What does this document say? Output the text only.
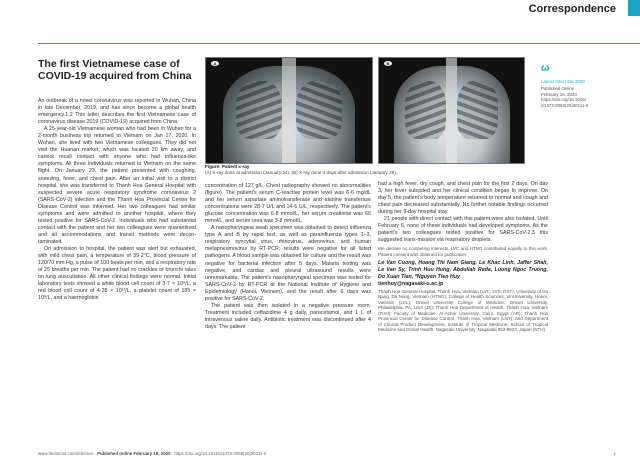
Correspondence
The first Vietnamese case of COVID-19 acquired from China

An outbreak of a novel coronavirus was reported in Wuhan, China in late December, 2019, and has since become a global health emergency.1,2 This letter describes the first Vietnamese case of coronavirus disease 2019 (COVID-19) acquired from China.

A 25-year-old Vietnamese woman who had been in Wuhan for a 2-month business trip returned to Vietnam on Jan 17, 2020. In Wuhan, she lived with two Vietnamese colleagues. They did not visit the Huanan market, which was located 20 km away, and cannot recall contact with anyone who had influenza-like symptoms. All three individuals returned to Vietnam on the same flight. On January 23, the patient presented with coughing, sneezing, fever, and chest pain. After an initial visit to a district hospital, she was transferred to Thanh Hoa General Hospital with suspected severe acute respiratory syndrome coronavirus 2 (SARS-CoV-2) infection and the Thanh Hoa Provincial Center for Disease Control was informed. Her two colleagues had similar symptoms and were admitted to another hospital, where they tested positive for SARS-CoV-2. Individuals who had substantial contact with the patient and her two colleagues were quarantined and all accommodations and transit methods were decon-taminated.

On admission to hospital, the patient was alert but exhausted, with mild chest pain, a temperature of 39·2°C, blood pressure of 120/70 mm Hg, a pulse of 100 beats per min, and a respiratory rate of 25 breaths per min. The patient had no crackles or bronchi rales on lung auscultation. All other clinical findings were normal. Initial laboratory tests showed a white blood cell count of 3·7 × 10⁹/L, a red blood cell count of 4·28 × 10¹²/L, a platelet count of 185 × 10⁹/L, and a haemoglobin

A	B
Figure: Patient x-ray
(A) X-ray done at admission (January 24). (B) X-ray done 4 days after admission (January 28).

concentration of 127 g/L. Chest radiography showed no abnormalities (figure). The patient's serum C-reactive protein level was 6·6 mg/dL and her serum aspartate aminotransferase and alanine transferase concentrations were 28·7 U/L and 14·6 U/L, respectively. The patient's glucose concentration was 6·8 mmol/L, her serum creatinine was 66 mmol/L, and serum urea was 3·8 mmol/L.

A nasopharyngeal swab specimen was obtained to detect influenza type A and B by rapid test, as well as parainfluenza types 1–3, respiratory syncytial virus, rhinovirus, adenovirus, and human metapneumovirus by RT-PCR; results were negative for all listed pathogens. A blood sample was obtained for culture and the result was negative for bacterial infection after 5 days. Malaria testing was negative, and cardiac and pleural ultrasound results were unremarkable. The patient's nasopharyngeal specimen was tested for SARS-CoV-2 by RT-PCR at the National Institute of Hygiene and Epidemiology (Hanoi, Vietnam), and the result after 6 days was positive for SARS-CoV-2.

The patient was then isolated in a negative pressure room. Treatment included ceftazidime 4 g daily, paracetamol, and 1 L of intravenous saline daily. Antibiotic treatment was discontinued after 4 days. The patient

had a high fever, dry cough, and chest pain for the first 2 days. On day 3, her fever subsided and her clinical condition began to improve. On day 5, the patient's body temperature returned to normal and cough and chest pain decreased substantially. No further notable findings occurred during her 9-day hospital stay.

21 people with direct contact with this patient were also isolated. Until February 6, none of these individuals had developed symptoms. As the patient's two colleagues tested positive for SARS-CoV-2,3 this suggested trans-mission via respiratory droplets.

We declare no competing interests. LVC and HTNG contributed equally to this work. Patient consent was obtained for publication.
Le Van Cuong, Hoang Thi Nam Giang, Le Khac Linh, Jaffer Shah, Le Van Sy, Trinh Huu Hung, Abdullah Reda, Luong Ngoc Truong, Do Xuan Tien, *Nguyen Tien Huy
tienhuy@nagasaki-u.ac.jp
Thanh Hoa General Hospital, Thanh Hoa, Vietnam (LVC, LVS, DXT); University of Da Nang, Da Nang, Vietnam (HTNG); College of Health Sciences, VinUniversity, Hanoi, Vietnam (LKL); Drexel University College of Medicine, Drexel University, Philadelphia, PA, USA (JS); Thanh Hoa Department of Health, Thanh Hoa, Vietnam (THH); Faculty of Medicine, Al-Azhar University, Cairo, Egypt (AR); Thanh Hoa Provincial Center for Disease Control, Thanh Hoa, Vietnam (LNT); and Department of Clinical Product Development, Institute of Tropical Medicine, School of Tropical Medicine and Global Health, Nagasaki University, Nagasaki 852-8523, Japan (NTH)
ω
Lancet Infect Dis 2020
Published Online
February 18, 2020
https://doi.org/10.1016/
S1473-3099(20)30111-0
www.thelancet.com/infection Published online February 18, 2020 https://doi.org/10.1016/S1473-3099(20)30111-0	1
